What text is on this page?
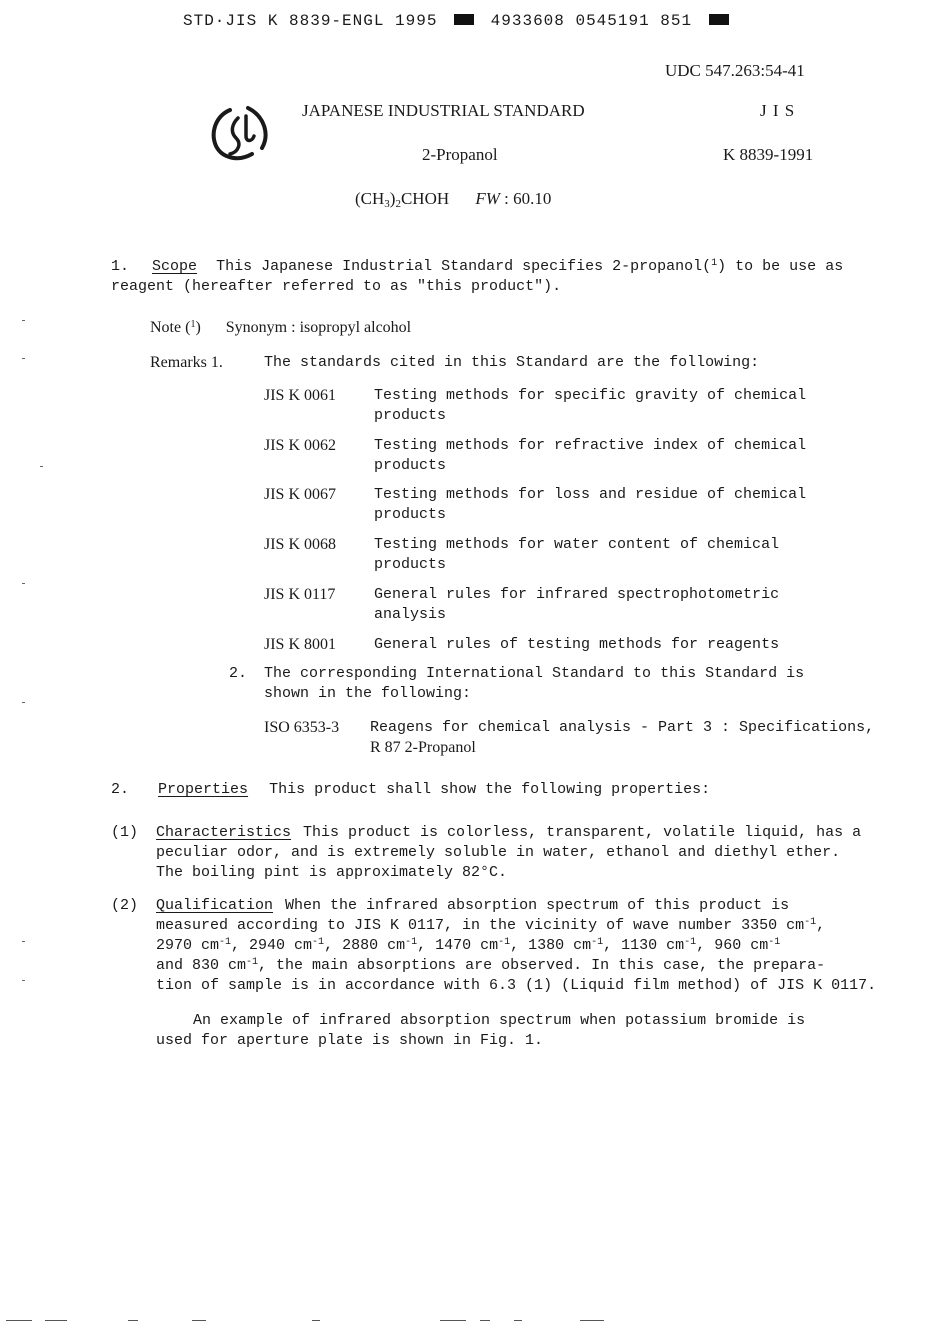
STD·JIS K 8839-ENGL 1995	4933608 0545191 851
UDC 547.263:54-41
JAPANESE INDUSTRIAL STANDARD	J I S
2-Propanol	K 8839-1991
$(CH_3)_2CHOH$ FW : 60.10
1. Scope This Japanese Industrial Standard specifies 2-propanol($^1$) to be use as
reagent (hereafter referred to as "this product").
Note ($^1$) Synonym : isopropyl alcohol
Remarks 1.	The standards cited in this Standard are the following:
JIS K 0061	Testing methods for specific gravity of chemical products
JIS K 0062	Testing methods for refractive index of chemical products
JIS K 0067	Testing methods for loss and residue of chemical products
JIS K 0068	Testing methods for water content of chemical products
JIS K 0117	General rules for infrared spectrophotometric analysis
JIS K 8001	General rules of testing methods for reagents
2. The corresponding International Standard to this Standard is
shown in the following:
ISO 6353-3 Reagens for chemical analysis - Part 3 : Specifications,
R 87 2-Propanol
2. Properties This product shall show the following properties:
(1) Characteristics This product is colorless, transparent, volatile liquid, has a
peculiar odor, and is extremely soluble in water, ethanol and diethyl ether.
The boiling pint is approximately 82°C.
(2) Qualification When the infrared absorption spectrum of this product is
measured according to JIS K 0117, in the vicinity of wave number 3350 $cm^{-1}$,
2970 $cm^{-1}$, 2940 $cm^{-1}$, 2880 $cm^{-1}$, 1470 $cm^{-1}$, 1380 $cm^{-1}$, 1130 $cm^{-1}$, 960 $cm^{-1}$
and 830 $cm^{-1}$, the main absorptions are observed. In this case, the prepara-
tion of sample is in accordance with 6.3 (1) (Liquid film method) of JIS K 0117.
An example of infrared absorption spectrum when potassium bromide is
used for aperture plate is shown in Fig. 1.
